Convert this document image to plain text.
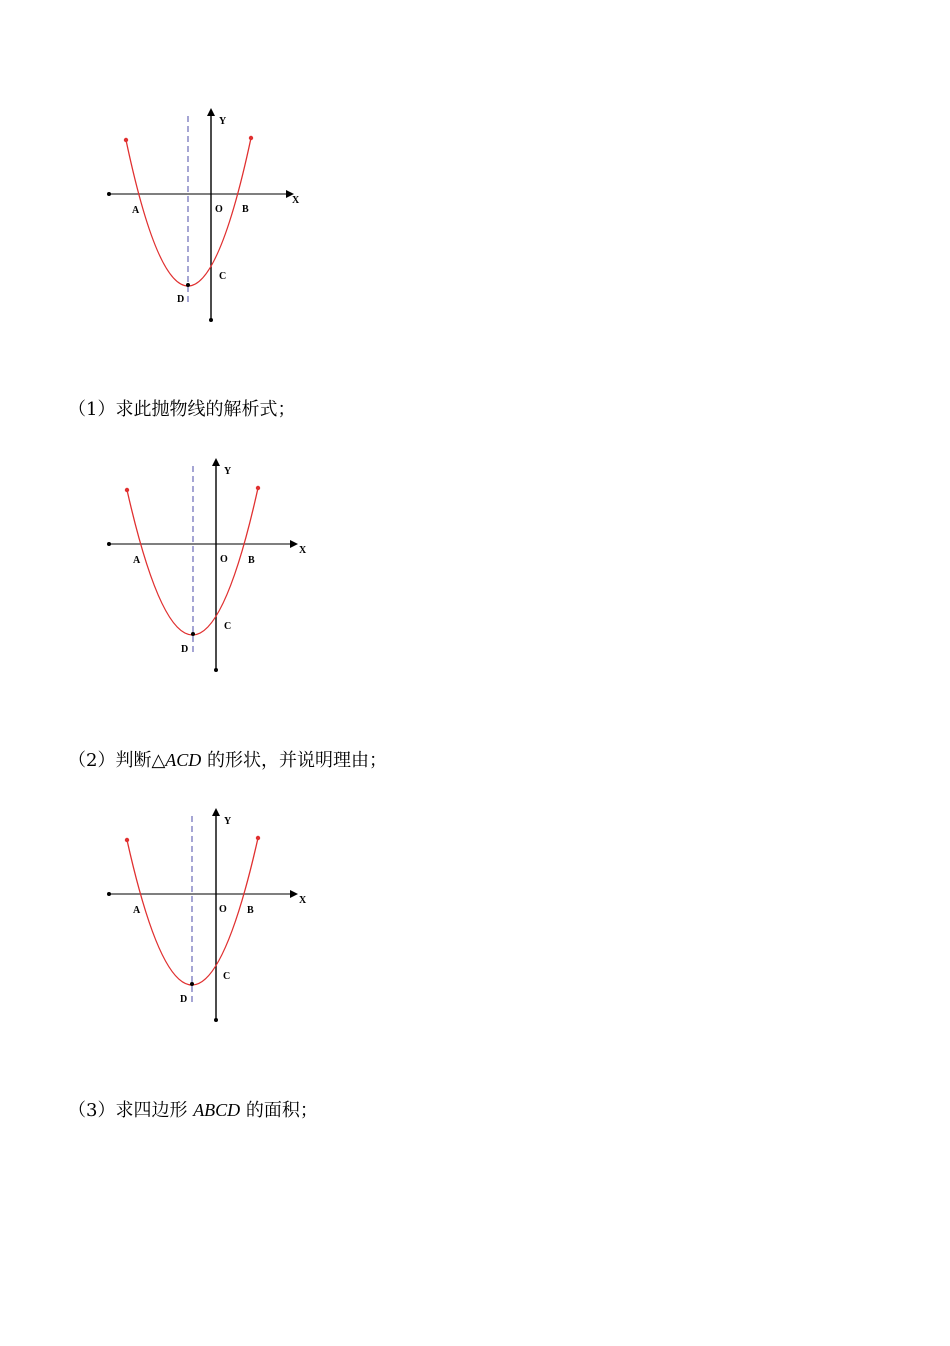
Y
X
A	O B
C
D
（1）求此抛物线的解析式；
Y
X
A	O B
C
D
（2）判断△ACD 的形状，并说明理由；
Y
X
A	O B
C
D
（3）求四边形 ABCD 的面积；
